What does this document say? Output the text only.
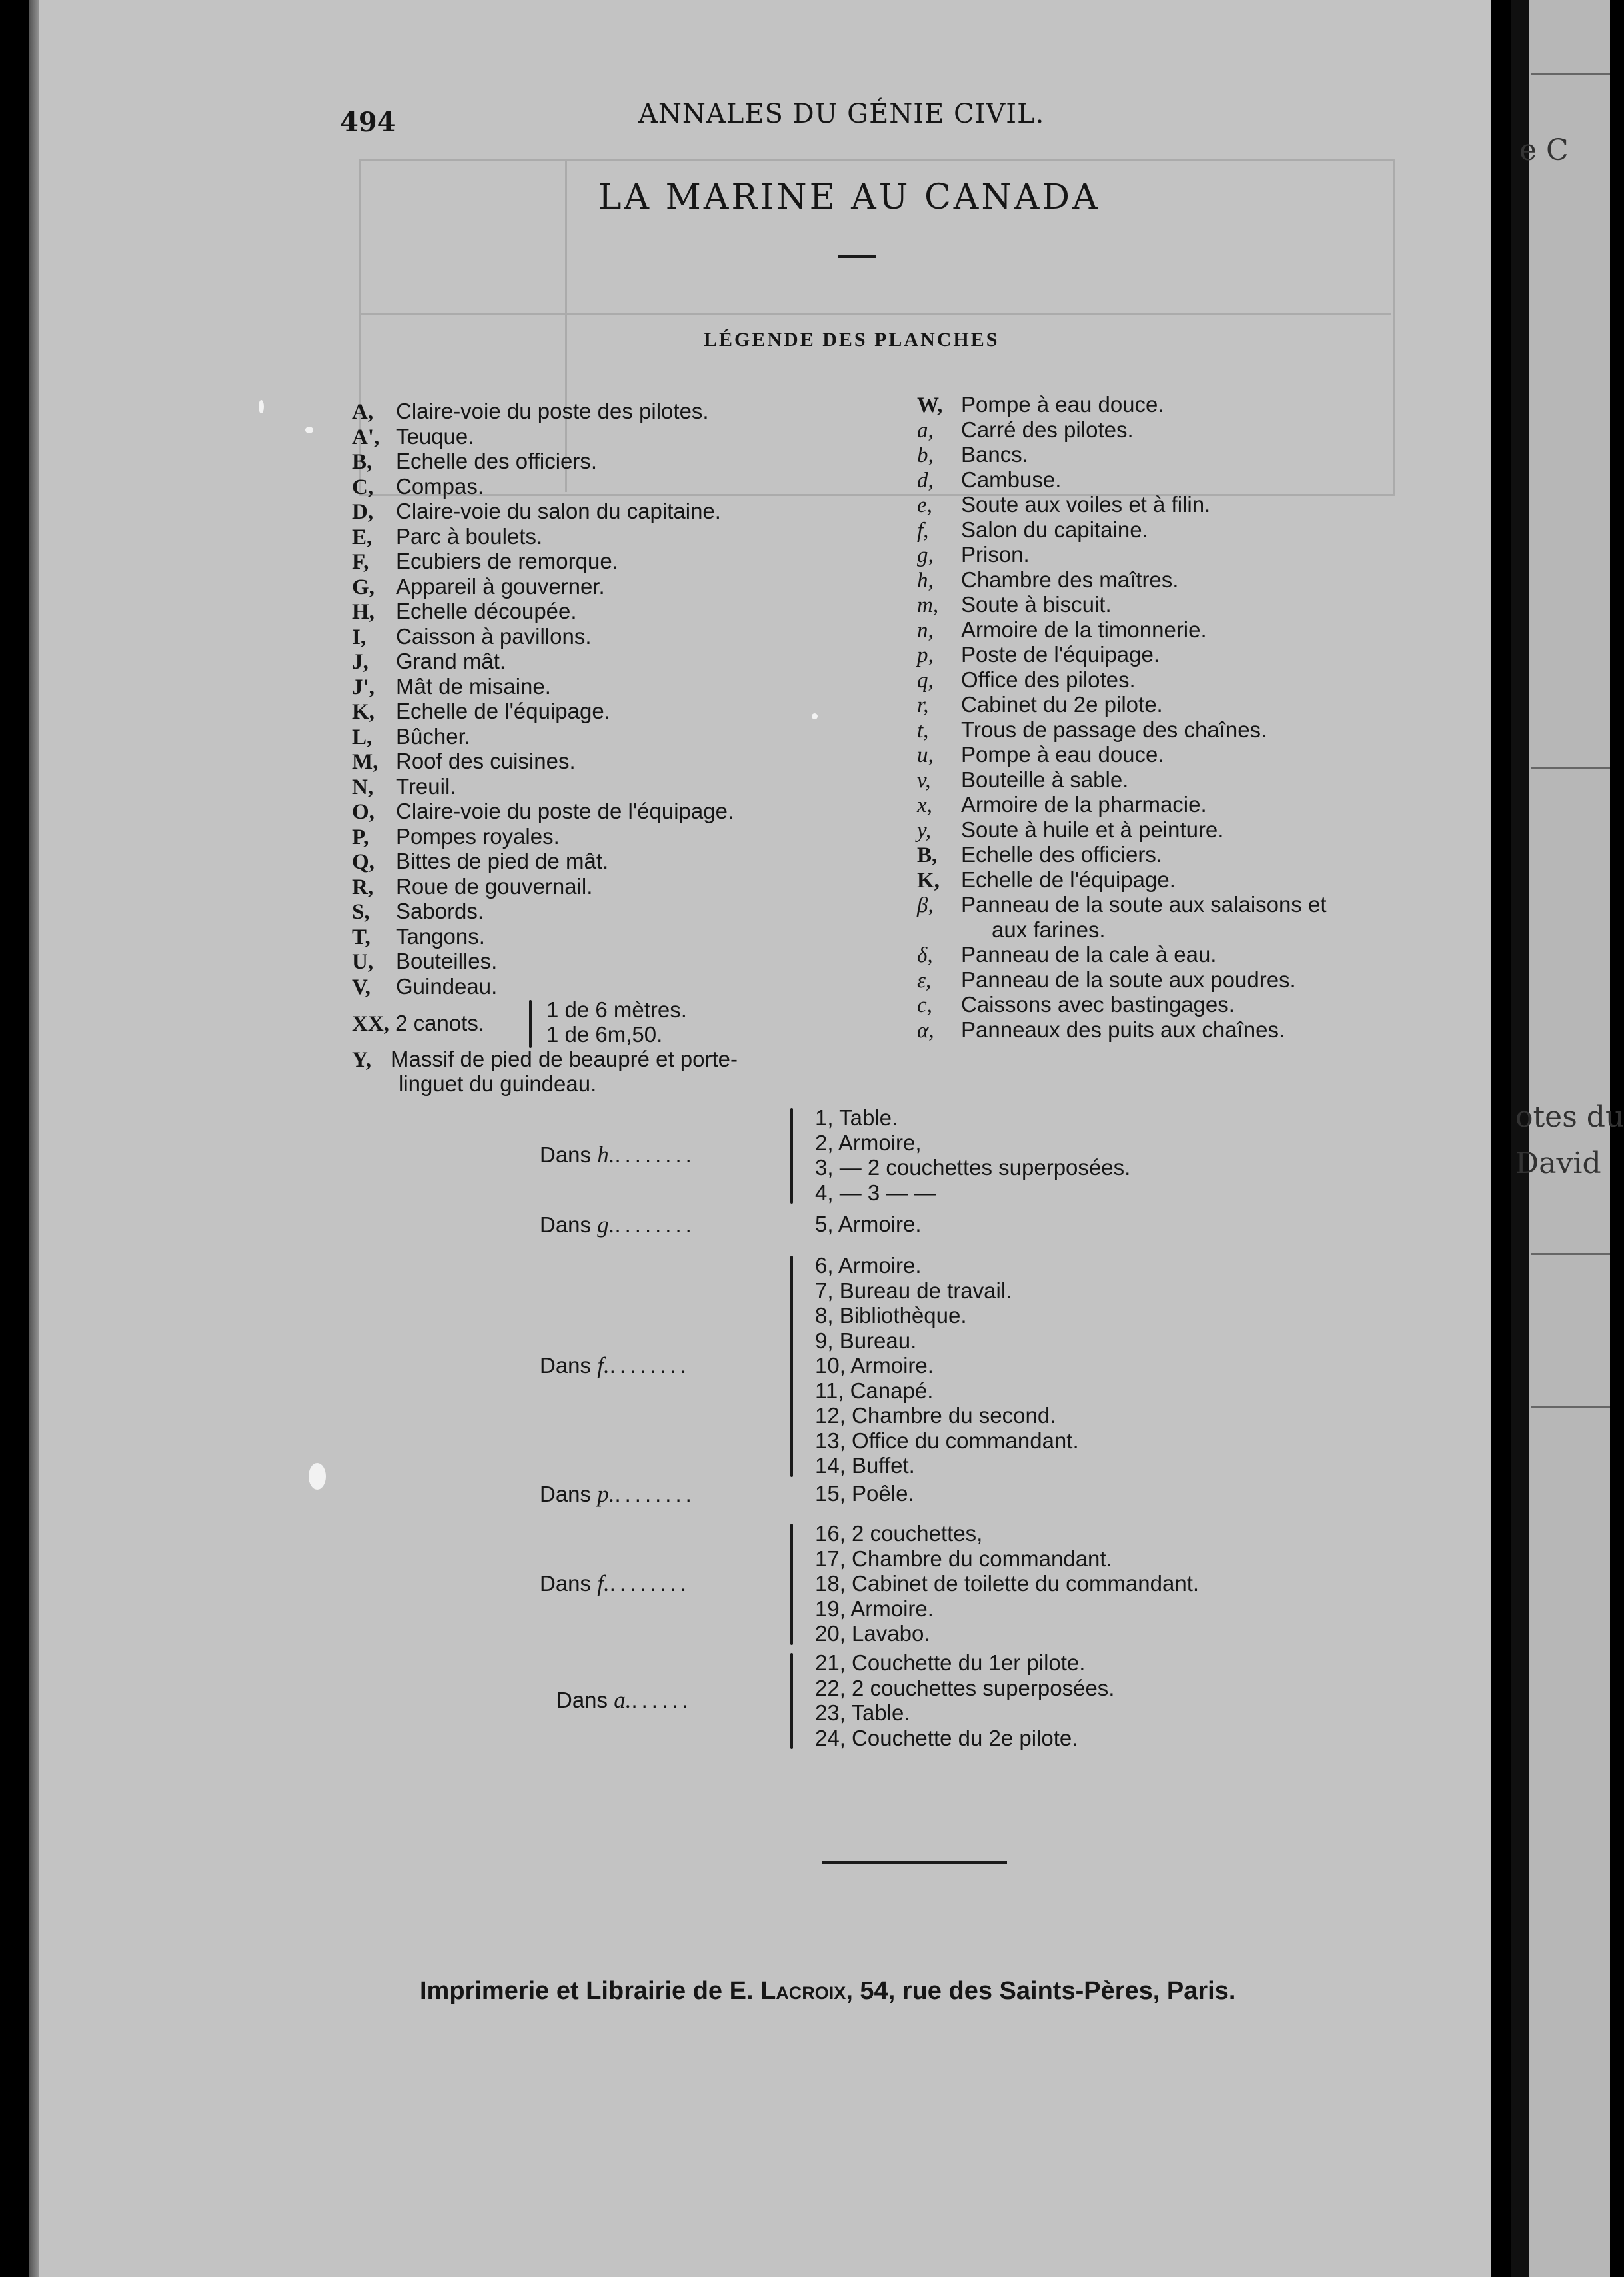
494	ANNALES DU GÉNIE CIVIL.
LA MARINE AU CANADA
LÉGENDE DES PLANCHES
A, Claire-voie du poste des pilotes.
A', Teuque.
B, Echelle des officiers.
C, Compas.
D, Claire-voie du salon du capitaine.
E, Parc à boulets.
F, Ecubiers de remorque.
G, Appareil à gouverner.
H, Echelle découpée.
I, Caisson à pavillons.
J, Grand mât.
J', Mât de misaine.
K, Echelle de l'équipage.
L, Bûcher.
M, Roof des cuisines.
N, Treuil.
O, Claire-voie du poste de l'équipage.
P, Pompes royales.
Q, Bittes de pied de mât.
R, Roue de gouvernail.
S, Sabords.
T, Tangons.
U, Bouteilles.
V, Guindeau.
W, Pompe à eau douce.
a, Carré des pilotes.
b, Bancs.
d, Cambuse.
e, Soute aux voiles et à filin.
f, Salon du capitaine.
g, Prison.
h, Chambre des maîtres.
m, Soute à biscuit.
n, Armoire de la timonnerie.
p, Poste de l'équipage.
q, Office des pilotes.
r, Cabinet du 2e pilote.
t, Trous de passage des chaînes.
u, Pompe à eau douce.
v, Bouteille à sable.
x, Armoire de la pharmacie.
y, Soute à huile et à peinture.
B, Echelle des officiers.
K, Echelle de l'équipage.
β, Panneau de la soute aux salaisons et
aux farines.
δ, Panneau de la cale à eau.
ε, Panneau de la soute aux poudres.
c, Caissons avec bastingages.
α, Panneaux des puits aux chaînes.
XX, 2 canots.
1 de 6 mètres.
1 de 6m,50.
Y, Massif de pied de beaupré et porte-
linguet du guindeau.
1, Table.
2, Armoire,
3, — 2 couchettes superposées.
4, — 3 — —
Dans h.........
5, Armoire.
Dans g.........
6, Armoire.
7, Bureau de travail.
8, Bibliothèque.
9, Bureau.
10, Armoire.
11, Canapé.
12, Chambre du second.
13, Office du commandant.
14, Buffet.
Dans f.........
15, Poêle.
Dans p.........
16, 2 couchettes,
17, Chambre du commandant.
18, Cabinet de toilette du commandant.
19, Armoire.
20, Lavabo.
Dans f.........
21, Couchette du 1er pilote.
22, 2 couchettes superposées.
23, Table.
24, Couchette du 2e pilote.
Dans a.......
Imprimerie et Librairie de E. Lacroix, 54, rue des Saints-Pères, Paris.
e C
otes du
David
